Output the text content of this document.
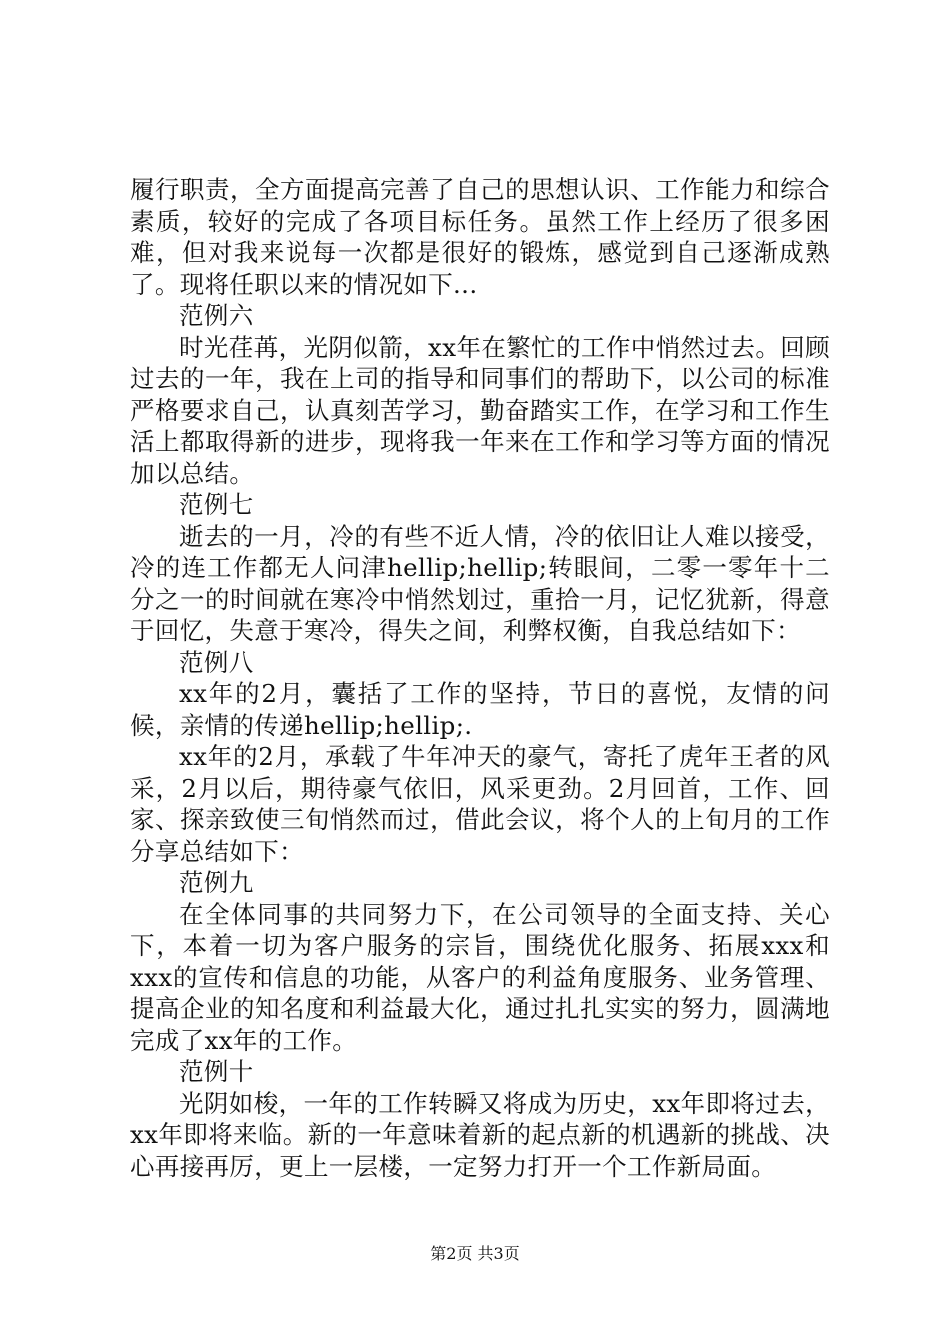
履行职责，全方面提高完善了自己的思想认识、工作能力和综合素质，较好的完成了各项目标任务。虽然工作上经历了很多困难，但对我来说每一次都是很好的锻炼，感觉到自己逐渐成熟了。现将任职以来的情况如下...

范例六

时光荏苒，光阴似箭，xx年在繁忙的工作中悄然过去。回顾过去的一年，我在上司的指导和同事们的帮助下，以公司的标准严格要求自己，认真刻苦学习，勤奋踏实工作，在学习和工作生活上都取得新的进步，现将我一年来在工作和学习等方面的情况加以总结。

范例七

逝去的一月，冷的有些不近人情，冷的依旧让人难以接受，冷的连工作都无人问津hellip;hellip;转眼间，二零一零年十二分之一的时间就在寒冷中悄然划过，重拾一月，记忆犹新，得意于回忆，失意于寒冷，得失之间，利弊权衡，自我总结如下：

范例八

xx年的2月，囊括了工作的坚持，节日的喜悦，友情的问候，亲情的传递hellip;hellip;.

xx年的2月，承载了牛年冲天的豪气，寄托了虎年王者的风采，2月以后，期待豪气依旧，风采更劲。2月回首，工作、回家、探亲致使三旬悄然而过，借此会议，将个人的上旬月的工作分享总结如下：

范例九

在全体同事的共同努力下，在公司领导的全面支持、关心下，本着一切为客户服务的宗旨，围绕优化服务、拓展xxx和xxx的宣传和信息的功能，从客户的利益角度服务、业务管理、提高企业的知名度和利益最大化，通过扎扎实实的努力，圆满地完成了xx年的工作。

范例十

光阴如梭，一年的工作转瞬又将成为历史，xx年即将过去，xx年即将来临。新的一年意味着新的起点新的机遇新的挑战、决心再接再厉，更上一层楼，一定努力打开一个工作新局面。

第2页 共3页
